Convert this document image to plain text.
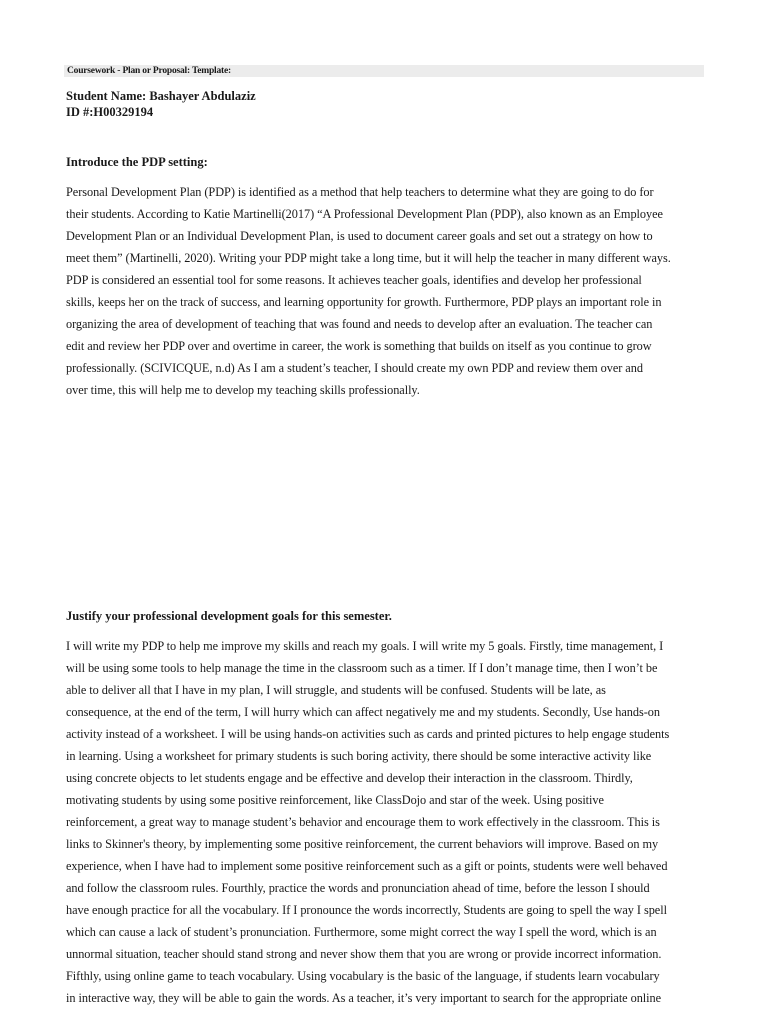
Coursework - Plan or Proposal: Template:
Student Name: Bashayer Abdulaziz
ID #:H00329194
Introduce the PDP setting:
Personal Development Plan (PDP) is identified as a method that help teachers to determine what they are going to do for
their students. According to Katie Martinelli(2017) “A Professional Development Plan (PDP), also known as an Employee
Development Plan or an Individual Development Plan, is used to document career goals and set out a strategy on how to
meet them” (Martinelli, 2020). Writing your PDP might take a long time, but it will help the teacher in many different ways.
PDP is considered an essential tool for some reasons. It achieves teacher goals, identifies and develop her professional
skills, keeps her on the track of success, and learning opportunity for growth. Furthermore, PDP plays an important role in
organizing the area of development of teaching that was found and needs to develop after an evaluation. The teacher can
edit and review her PDP over and overtime in career, the work is something that builds on itself as you continue to grow
professionally. (SCIVICQUE, n.d) As I am a student’s teacher, I should create my own PDP and review them over and
over time, this will help me to develop my teaching skills professionally.
Justify your professional development goals for this semester.
I will write my PDP to help me improve my skills and reach my goals. I will write my 5 goals. Firstly, time management, I
will be using some tools to help manage the time in the classroom such as a timer. If I don’t manage time, then I won’t be
able to deliver all that I have in my plan, I will struggle, and students will be confused. Students will be late, as
consequence, at the end of the term, I will hurry which can affect negatively me and my students. Secondly, Use hands-on
activity instead of a worksheet. I will be using hands-on activities such as cards and printed pictures to help engage students
in learning. Using a worksheet for primary students is such boring activity, there should be some interactive activity like
using concrete objects to let students engage and be effective and develop their interaction in the classroom. Thirdly,
motivating students by using some positive reinforcement, like ClassDojo and star of the week. Using positive
reinforcement, a great way to manage student’s behavior and encourage them to work effectively in the classroom. This is
links to Skinner's theory, by implementing some positive reinforcement, the current behaviors will improve. Based on my
experience, when I have had to implement some positive reinforcement such as a gift or points, students were well behaved
and follow the classroom rules. Fourthly, practice the words and pronunciation ahead of time, before the lesson I should
have enough practice for all the vocabulary. If I pronounce the words incorrectly, Students are going to spell the way I spell
which can cause a lack of student’s pronunciation. Furthermore, some might correct the way I spell the word, which is an
unnormal situation, teacher should stand strong and never show them that you are wrong or provide incorrect information.
Fifthly, using online game to teach vocabulary. Using vocabulary is the basic of the language, if students learn vocabulary
in interactive way, they will be able to gain the words. As a teacher, it’s very important to search for the appropriate online
